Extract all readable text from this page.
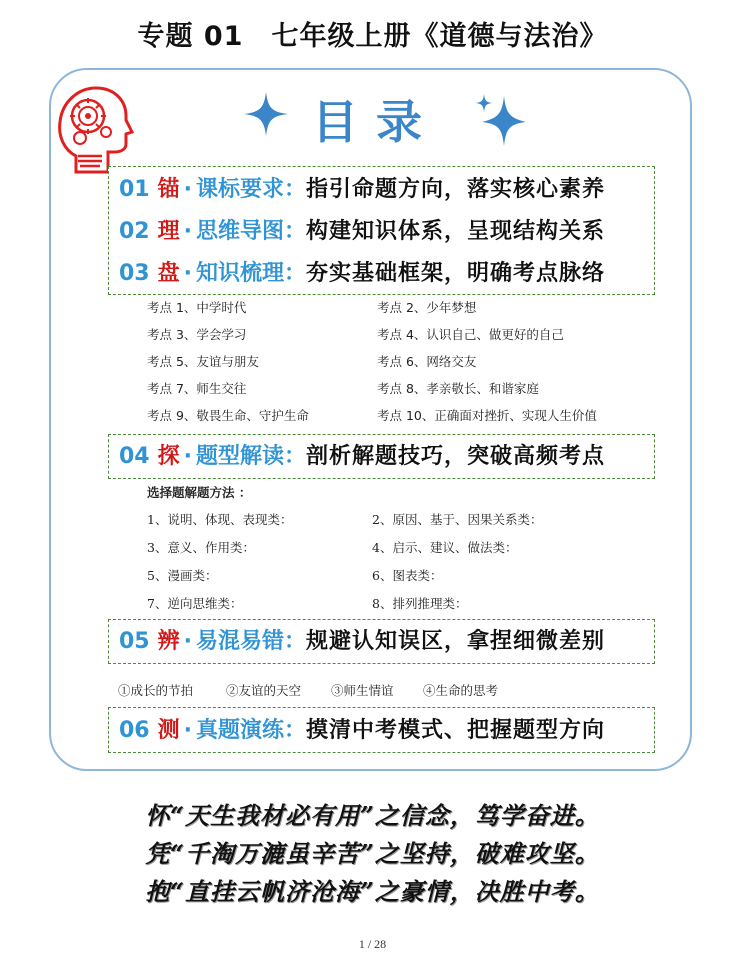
专题 01　七年级上册《道德与法治》
目录
01 锚 · 课标要求：指引命题方向，落实核心素养
02 理 · 思维导图：构建知识体系，呈现结构关系
03 盘 · 知识梳理：夯实基础框架，明确考点脉络
考点 1、中学时代	考点 2、少年梦想
考点 3、学会学习	考点 4、认识自己、做更好的自己
考点 5、友谊与朋友	考点 6、网络交友
考点 7、师生交往	考点 8、孝亲敬长、和谐家庭
考点 9、敬畏生命、守护生命	考点 10、正确面对挫折、实现人生价值
04 探 · 题型解读：剖析解题技巧，突破高频考点
选择题解题方法 ：
1、说明、体现、表现类：	2、原因、基于、因果关系类：
3、意义、作用类：	4、启示、建议、做法类：
5、漫画类：	6、图表类：
7、逆向思维类：	8、排列推理类：
05 辨 · 易混易错：规避认知误区，拿捏细微差别
①成长的节拍	②友谊的天空 ③师生情谊 ④生命的思考
06 测 · 真题演练：摸清中考模式、把握题型方向
怀“天生我材必有用”之信念，笃学奋进。
凭“千淘万漉虽辛苦”之坚持，破难攻坚。
抱“直挂云帆济沧海”之豪情，决胜中考。
1 / 28
